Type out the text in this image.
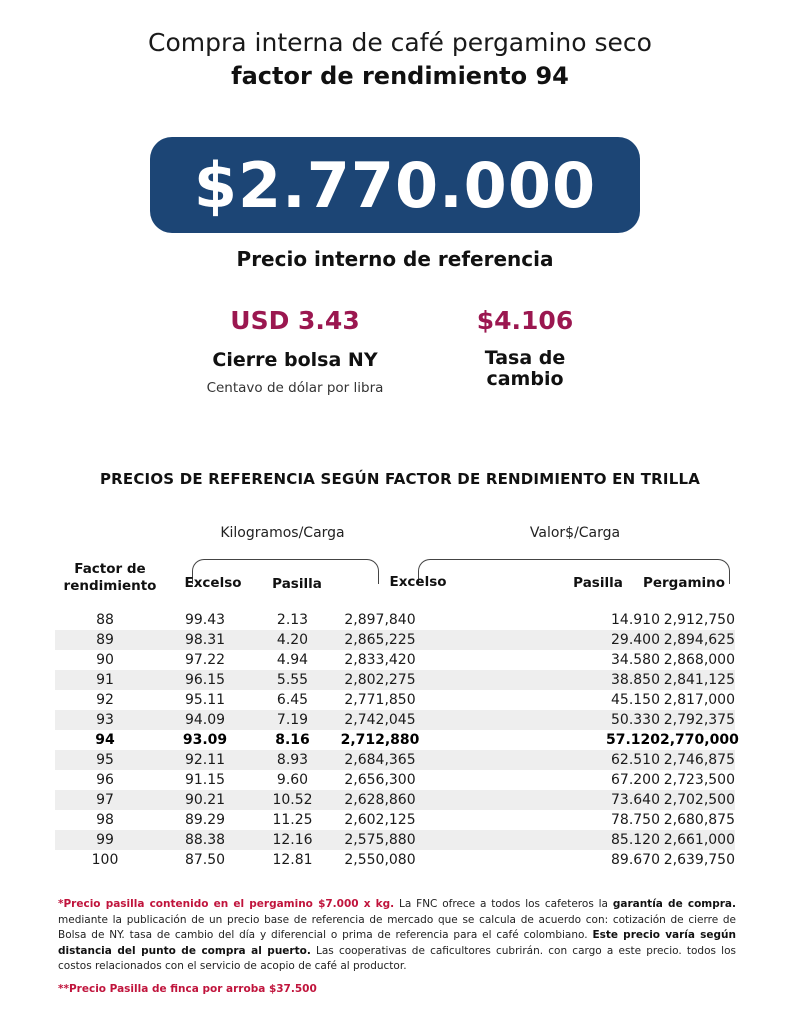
Compra interna de café pergamino seco
factor de rendimiento 94
$2.770.000
Precio interno de referencia
USD 3.43
Cierre bolsa NY
Centavo de dólar por libra
$4.106
Tasa de
cambio
PRECIOS DE REFERENCIA SEGÚN FACTOR DE RENDIMIENTO EN TRILLA
Kilogramos/Carga	Valor$/Carga
Factor de
rendimiento	Excelso	Pasilla	Excelso	Pasilla	Pergamino
88	99.43	2.13	2,897,840	14.910 2,912,750
89	98.31	4.20	2,865,225	29.400 2,894,625
90	97.22	4.94	2,833,420	34.580 2,868,000
91	96.15	5.55	2,802,275	38.850 2,841,125
92	95.11	6.45	2,771,850	45.150 2,817,000
93	94.09	7.19	2,742,045	50.330 2,792,375
94	93.09	8.16	2,712,880	57.120 2,770,000
95	92.11	8.93	2,684,365	62.510 2,746,875
96	91.15	9.60	2,656,300	67.200 2,723,500
97	90.21	10.52	2,628,860	73.640 2,702,500
98	89.29	11.25	2,602,125	78.750 2,680,875
99	88.38	12.16	2,575,880	85.120 2,661,000
100	87.50	12.81	2,550,080	89.670 2,639,750
*Precio pasilla contenido en el pergamino $7.000 x kg. La FNC ofrece a todos los cafeteros la garantía de compra. mediante la publicación de un precio base de referencia de mercado que se calcula de acuerdo con: cotización de cierre de Bolsa de NY. tasa de cambio del día y diferencial o prima de referencia para el café colombiano. Este precio varía según distancia del punto de compra al puerto. Las cooperativas de caficultores cubrirán. con cargo a este precio. todos los costos relacionados con el servicio de acopio de café al productor.
**Precio Pasilla de finca por arroba $37.500
